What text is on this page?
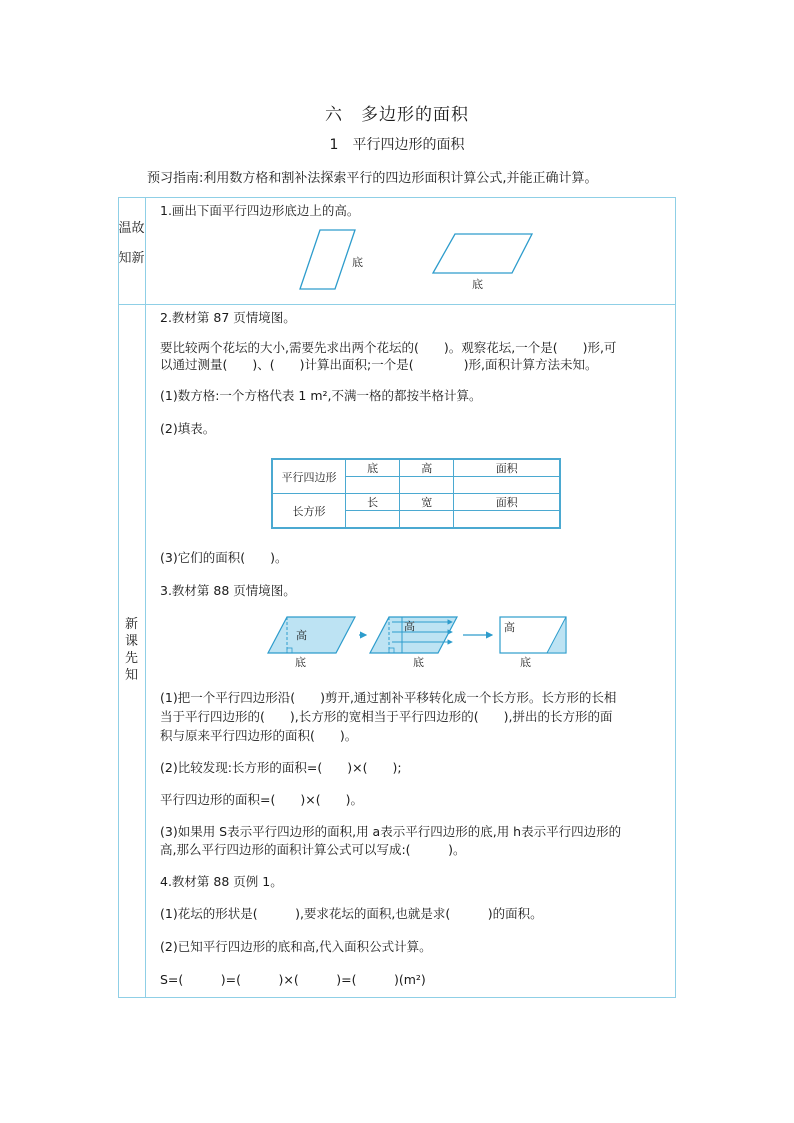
六　多边形的面积
1　平行四边形的面积
预习指南:利用数方格和割补法探索平行的四边形面积计算公式,并能正确计算。
温故
知新
新
课
先
知
1.画出下面平行四边形底边上的高。
底
底
2.教材第 87 页情境图。
要比较两个花坛的大小,需要先求出两个花坛的(　　)。观察花坛,一个是(　　)形,可
以通过测量(　　)、(　　)计算出面积;一个是(　　　　)形,面积计算方法未知。
(1)数方格:一个方格代表 1 m²,不满一格的都按半格计算。
(2)填表。
平行四边形	底	高	面积

长方形	长	宽	面积

(3)它们的面积(　　)。
3.教材第 88 页情境图。
高
底
高
底
高
底
(1)把一个平行四边形沿(　　)剪开,通过割补平移转化成一个长方形。长方形的长相
当于平行四边形的(　　),长方形的宽相当于平行四边形的(　　),拼出的长方形的面
积与原来平行四边形的面积(　　)。
(2)比较发现:长方形的面积=(　　)×(　　);
平行四边形的面积=(　　)×(　　)。
(3)如果用 S表示平行四边形的面积,用 a表示平行四边形的底,用 h表示平行四边形的
高,那么平行四边形的面积计算公式可以写成:(　　　)。
4.教材第 88 页例 1。
(1)花坛的形状是(　　　),要求花坛的面积,也就是求(　　　)的面积。
(2)已知平行四边形的底和高,代入面积公式计算。
S=(　　　)=(　　　)×(　　　)=(　　　)(m²)
